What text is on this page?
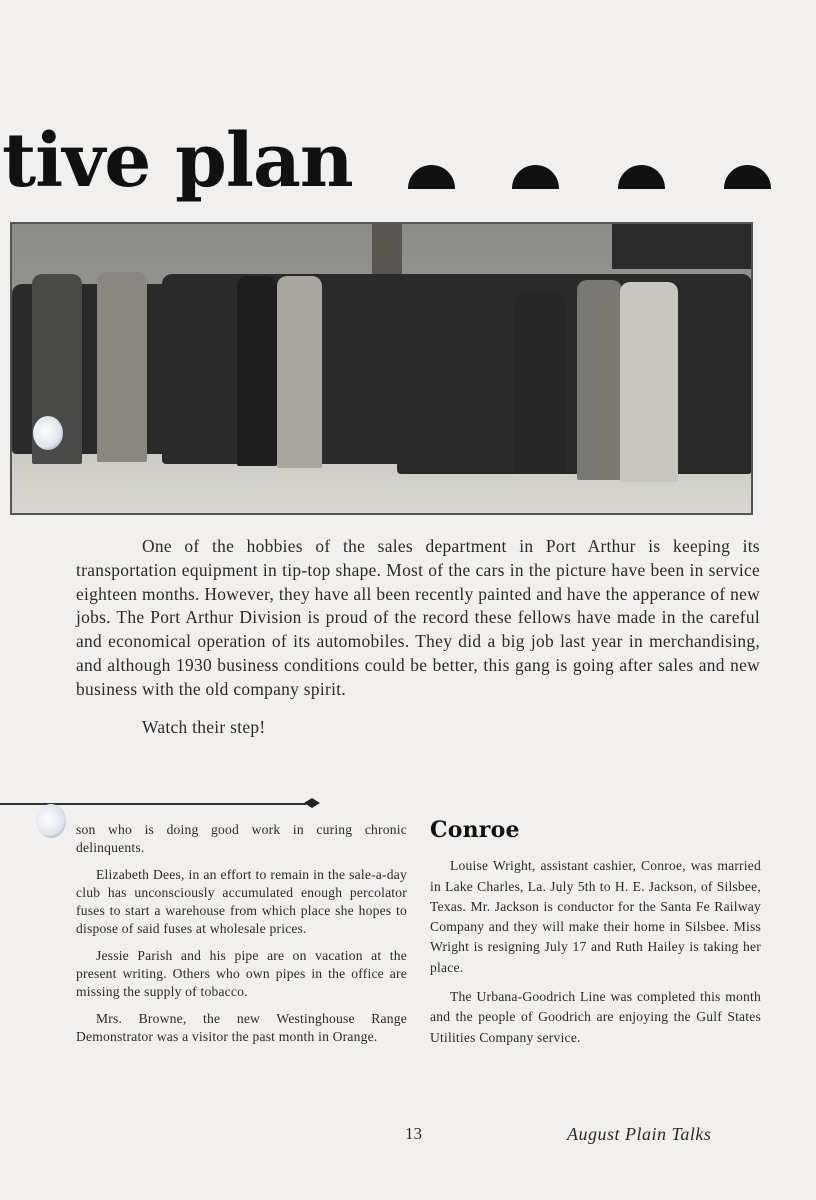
tive plan

One of the hobbies of the sales department in Port Arthur is keeping its transportation equipment in tip-top shape. Most of the cars in the picture have been in service eighteen months. However, they have all been recently painted and have the apperance of new jobs. The Port Arthur Division is proud of the record these fellows have made in the careful and economical operation of its automobiles. They did a big job last year in merchandising, and although 1930 business conditions could be better, this gang is going after sales and new business with the old company spirit.

Watch their step!

son who is doing good work in curing chronic delinquents.

Elizabeth Dees, in an effort to remain in the sale-a-day club has unconsciously accumulated enough percolator fuses to start a warehouse from which place she hopes to dispose of said fuses at wholesale prices.

Jessie Parish and his pipe are on vacation at the present writing. Others who own pipes in the office are missing the supply of tobacco.

Mrs. Browne, the new Westinghouse Range Demonstrator was a visitor the past month in Orange.

Conroe

Louise Wright, assistant cashier, Conroe, was married in Lake Charles, La. July 5th to H. E. Jackson, of Silsbee, Texas. Mr. Jackson is conductor for the Santa Fe Railway Company and they will make their home in Silsbee. Miss Wright is resigning July 17 and Ruth Hailey is taking her place.

The Urbana-Goodrich Line was completed this month and the people of Goodrich are enjoying the Gulf States Utilities Company service.

13	August Plain Talks
